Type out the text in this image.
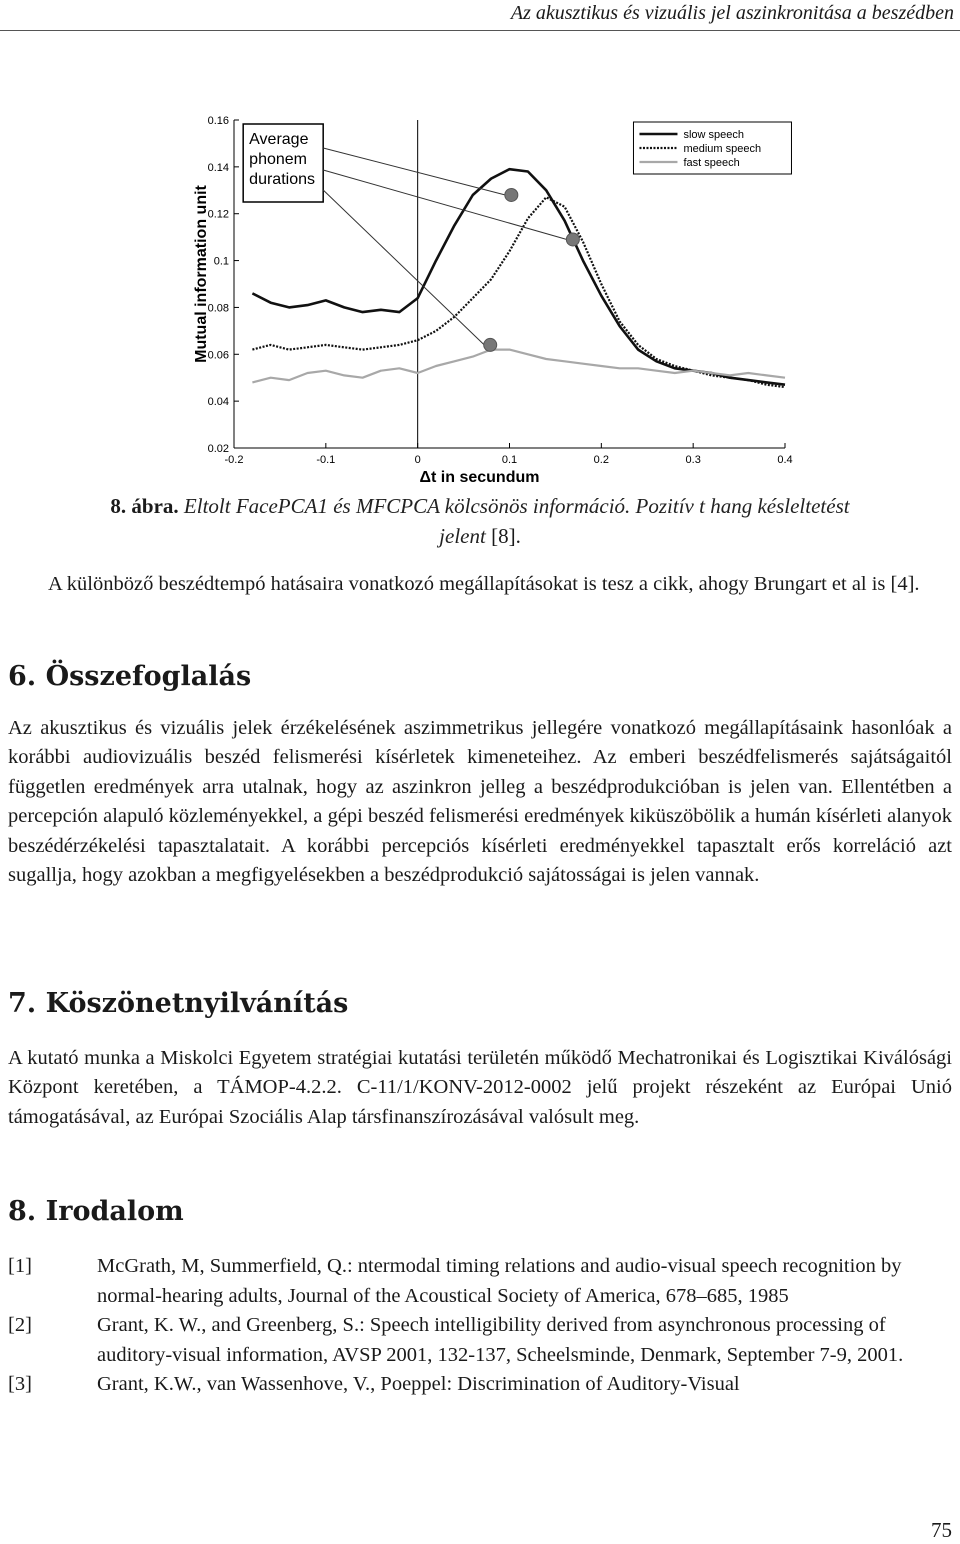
Az akusztikus és vizuális jel aszinkronitása a beszédben
-0.2	-0.1	0	0.1	0.2	0.3	0.4
0.02
0.04
0.06
0.08
0.1
0.12
0.14
0.16
Δt in secundum
Mutual information unit
Average
phonem
durations
slow speech
medium speech
fast speech
8. ábra. Eltolt FacePCA1 és MFCPCA kölcsönös információ. Pozitív t hang késleltetést
jelent [8].
A különböző beszédtempó hatásaira vonatkozó megállapításokat is tesz a cikk, ahogy Brungart et al is [4].
6. Összefoglalás
Az akusztikus és vizuális jelek érzékelésének aszimmetrikus jellegére vonatkozó megállapításaink hasonlóak a korábbi audiovizuális beszéd felismerési kísérletek kimeneteihez. Az emberi beszédfelismerés sajátságaitól független eredmények arra utalnak, hogy az aszinkron jelleg a beszédprodukcióban is jelen van. Ellentétben a percepción alapuló közleményekkel, a gépi beszéd felismerési eredmények kiküszöbölik a humán kísérleti alanyok beszédérzékelési tapasztalatait. A korábbi percepciós kísérleti eredményekkel tapasztalt erős korreláció azt sugallja, hogy azokban a megfigyelésekben a beszédprodukció sajátosságai is jelen vannak.
7. Köszönetnyilvánítás
A kutató munka a Miskolci Egyetem stratégiai kutatási területén működő Mechatronikai és Logisztikai Kiválósági Központ keretében, a TÁMOP-4.2.2. C-11/1/KONV-2012-0002 jelű projekt részeként az Európai Unió támogatásával, az Európai Szociális Alap társfinanszírozásával valósult meg.
8. Irodalom
[1]	McGrath, M, Summerfield, Q.: ntermodal timing relations and audio-visual speech recognition by normal-hearing adults, Journal of the Acoustical Society of America, 678–685, 1985
[2]	Grant, K. W., and Greenberg, S.: Speech intelligibility derived from asynchronous processing of auditory-visual information, AVSP 2001, 132-137, Scheelsminde, Denmark, September 7-9, 2001.
[3]	Grant, K.W., van Wassenhove, V., Poeppel: Discrimination of Auditory-Visual
75
